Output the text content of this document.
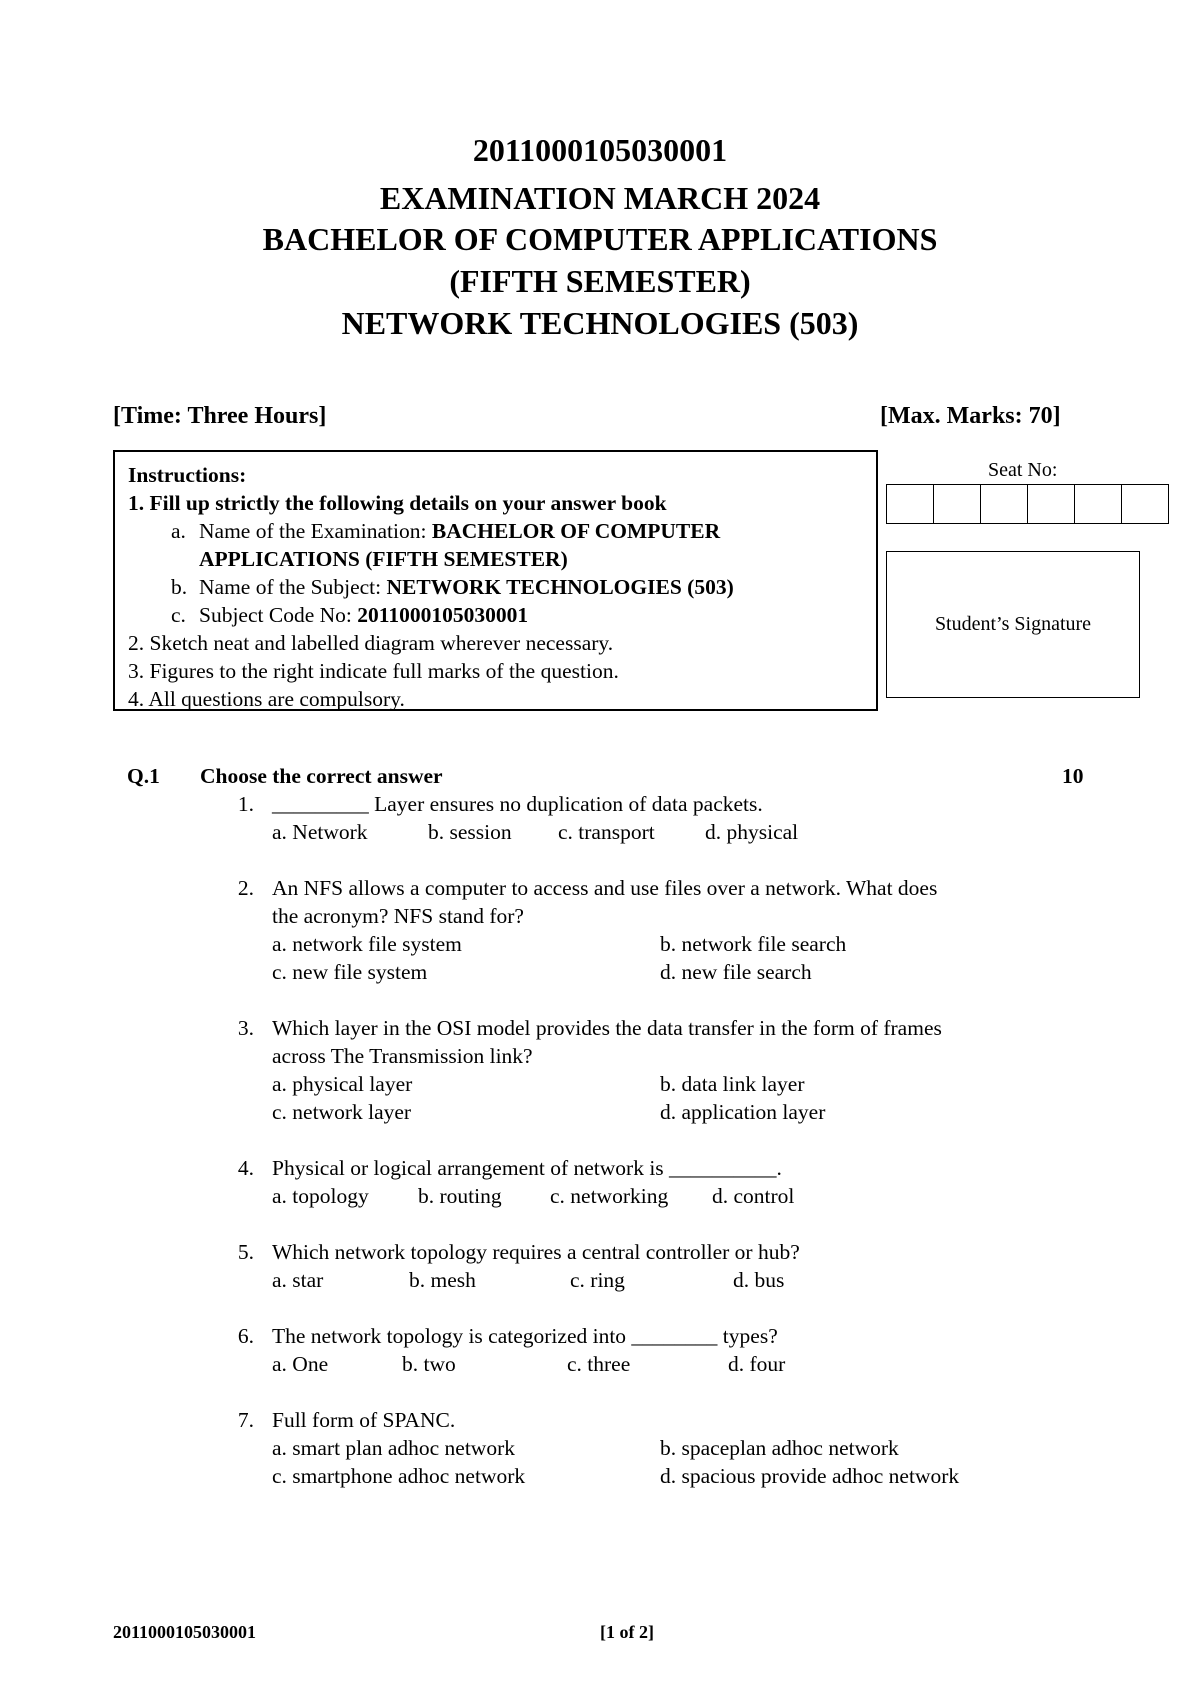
2011000105030001
EXAMINATION MARCH 2024
BACHELOR OF COMPUTER APPLICATIONS
(FIFTH SEMESTER)
NETWORK TECHNOLOGIES (503)
[Time: Three Hours]	[Max. Marks: 70]
Instructions:
1. Fill up strictly the following details on your answer book
a. Name of the Examination: BACHELOR OF COMPUTER
APPLICATIONS (FIFTH SEMESTER)
b. Name of the Subject: NETWORK TECHNOLOGIES (503)
c. Subject Code No: 2011000105030001
2. Sketch neat and labelled diagram wherever necessary.
3. Figures to the right indicate full marks of the question.
4. All questions are compulsory.
Seat No:
Student’s Signature
Q.1 Choose the correct answer	10
1. _________ Layer ensures no duplication of data packets.
a. Network	b. session c. transport d. physical
2. An NFS allows a computer to access and use files over a network. What does
the acronym? NFS stand for?
a. network file system	b. network file search
c. new file system	d. new file search
3. Which layer in the OSI model provides the data transfer in the form of frames
across The Transmission link?
a. physical layer	b. data link layer
c. network layer	d. application layer
4. Physical or logical arrangement of network is __________.
a. topology b. routing c. networking d. control
5. Which network topology requires a central controller or hub?
a. star	b. mesh	c. ring	d. bus
6. The network topology is categorized into ________ types?
a. One	b. two	c. three	d. four
7. Full form of SPANC.
a. smart plan adhoc network	b. spaceplan adhoc network
c. smartphone adhoc network	d. spacious provide adhoc network
2011000105030001	[1 of 2]
